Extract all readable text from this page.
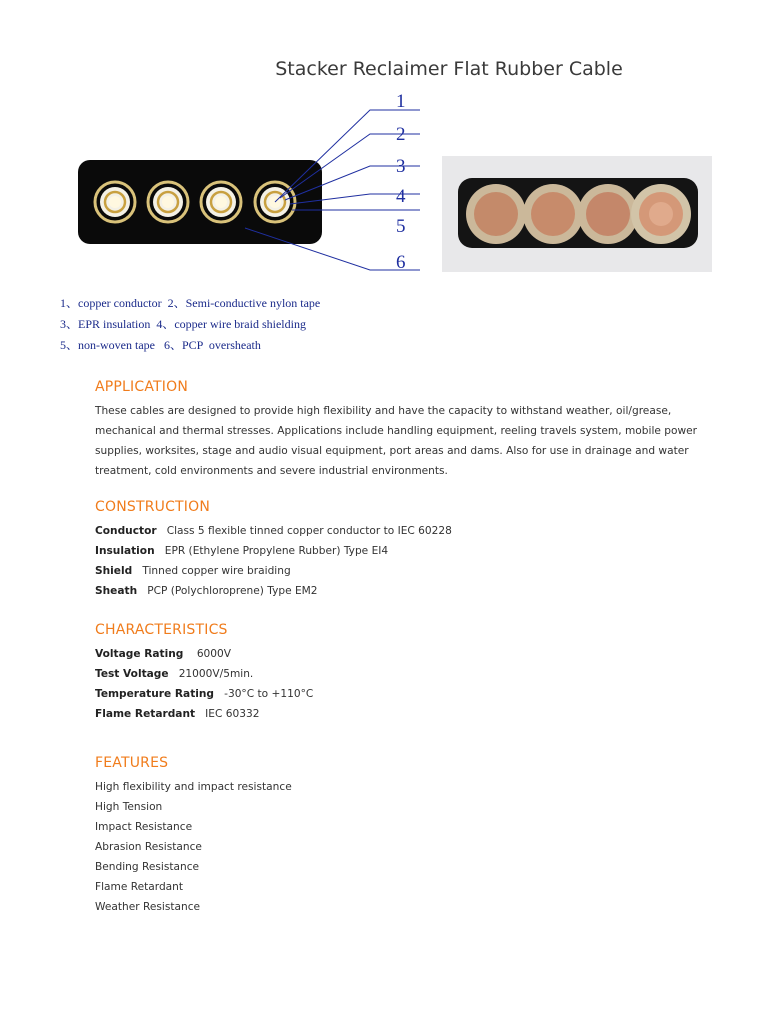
Stacker Reclaimer Flat Rubber Cable
1
2
3
4
5
6
1、copper conductor  2、Semi-conductive nylon tape
3、EPR insulation  4、copper wire braid shielding
5、non-woven tape   6、PCP  oversheath
APPLICATION
These cables are designed to provide high flexibility and have the capacity to withstand weather, oil/grease, mechanical and thermal stresses. Applications include handling equipment, reeling travels system, mobile power supplies, worksites, stage and audio visual equipment, port areas and dams. Also for use in drainage and water treatment, cold environments and severe industrial environments.
CONSTRUCTION
Conductor Class 5 flexible tinned copper conductor to IEC 60228
Insulation EPR (Ethylene Propylene Rubber) Type EI4
Shield Tinned copper wire braiding
Sheath PCP (Polychloroprene) Type EM2
CHARACTERISTICS
Voltage Rating 6000V
Test Voltage 21000V/5min.
Temperature Rating -30°C to +110°C
Flame Retardant IEC 60332
FEATURES
High flexibility and impact resistance
High Tension
Impact Resistance
Abrasion Resistance
Bending Resistance
Flame Retardant
Weather Resistance
